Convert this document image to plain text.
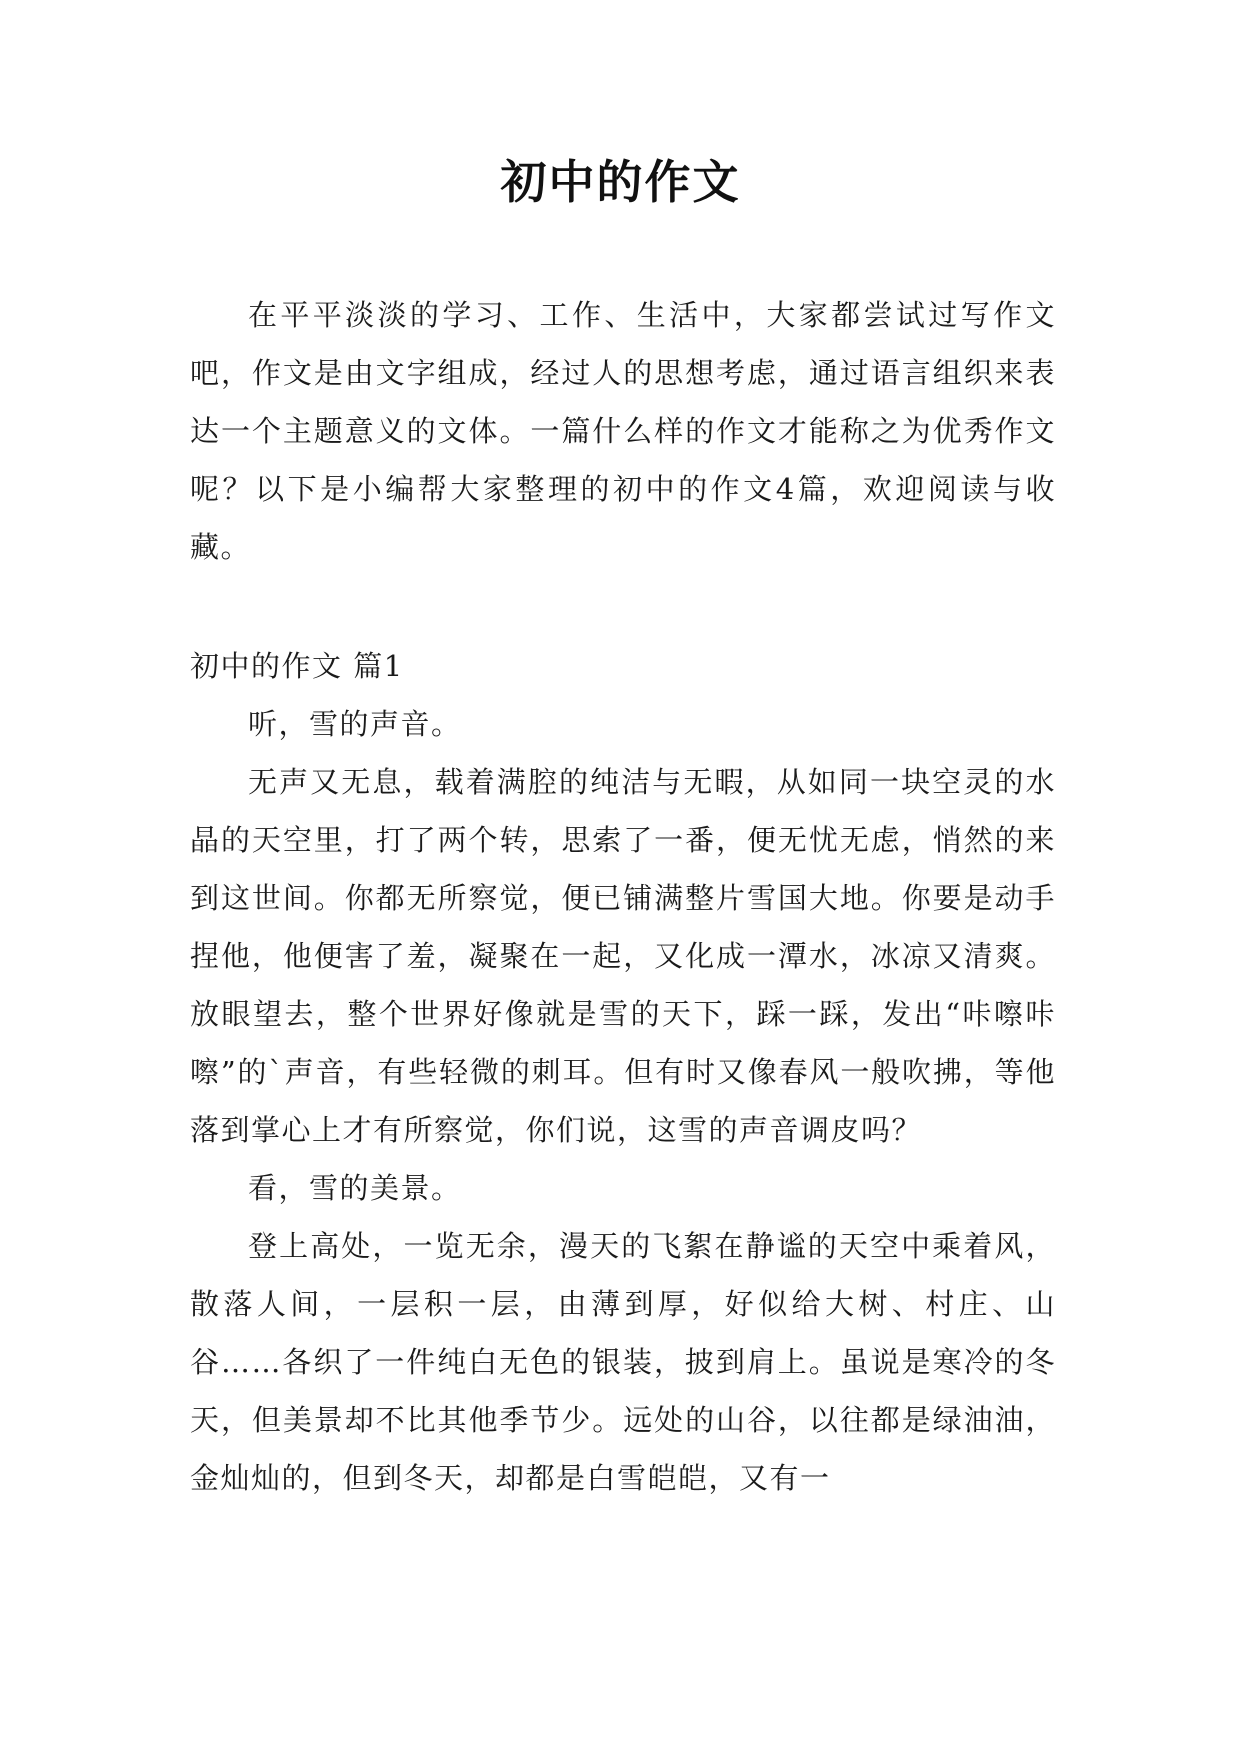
初中的作文

在平平淡淡的学习、工作、生活中，大家都尝试过写作文吧，作文是由文字组成，经过人的思想考虑，通过语言组织来表达一个主题意义的文体。一篇什么样的作文才能称之为优秀作文呢？以下是小编帮大家整理的初中的作文4篇，欢迎阅读与收藏。

初中的作文 篇1

听，雪的声音。

无声又无息，载着满腔的纯洁与无暇，从如同一块空灵的水晶的天空里，打了两个转，思索了一番，便无忧无虑，悄然的来到这世间。你都无所察觉，便已铺满整片雪国大地。你要是动手捏他，他便害了羞，凝聚在一起，又化成一潭水，冰凉又清爽。放眼望去，整个世界好像就是雪的天下，踩一踩，发出“咔嚓咔嚓”的`声音，有些轻微的刺耳。但有时又像春风一般吹拂，等他落到掌心上才有所察觉，你们说，这雪的声音调皮吗？

看，雪的美景。

登上高处，一览无余，漫天的飞絮在静谧的天空中乘着风，散落人间，一层积一层，由薄到厚，好似给大树、村庄、山谷……各织了一件纯白无色的银装，披到肩上。虽说是寒冷的冬天，但美景却不比其他季节少。远处的山谷，以往都是绿油油，金灿灿的，但到冬天，却都是白雪皑皑，又有一
